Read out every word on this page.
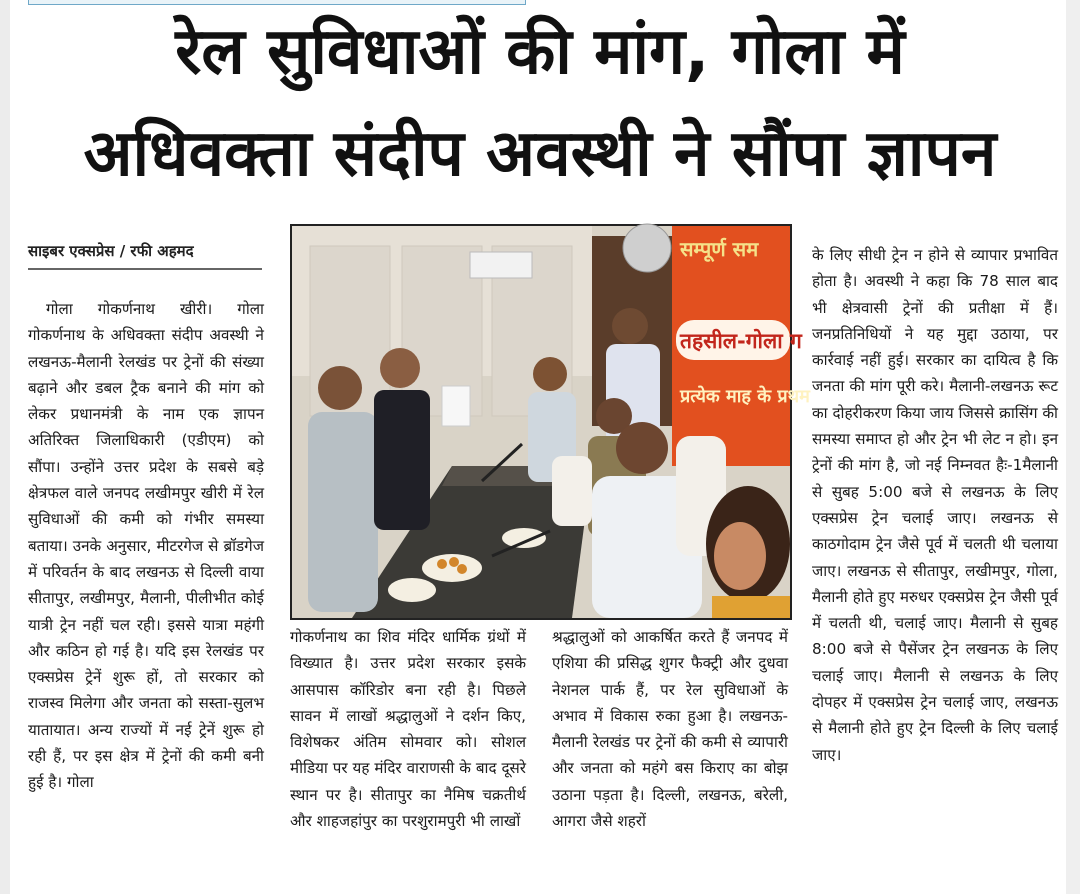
रेल सुविधाओं की मांग, गोला में
अधिवक्ता संदीप अवस्थी ने सौंपा ज्ञापन
साइबर एक्सप्रेस / रफी अहमद

गोला गोकर्णनाथ खीरी। गोला गोकर्णनाथ के अधिवक्ता संदीप अवस्थी ने लखनऊ-मैलानी रेलखंड पर ट्रेनों की संख्या बढ़ाने और डबल ट्रैक बनाने की मांग को लेकर प्रधानमंत्री के नाम एक ज्ञापन अतिरिक्त जिलाधिकारी (एडीएम) को सौंपा। उन्होंने उत्तर प्रदेश के सबसे बड़े क्षेत्रफल वाले जनपद लखीमपुर खीरी में रेल सुविधाओं की कमी को गंभीर समस्या बताया। उनके अनुसार, मीटरगेज से ब्रॉडगेज में परिवर्तन के बाद लखनऊ से दिल्ली वाया सीतापुर, लखीमपुर, मैलानी, पीलीभीत कोई यात्री ट्रेन नहीं चल रही। इससे यात्रा महंगी और कठिन हो गई है। यदि इस रेलखंड पर एक्सप्रेस ट्रेनें शुरू हों, तो सरकार को राजस्व मिलेगा और जनता को सस्ता-सुलभ यातायात। अन्य राज्यों में नई ट्रेनें शुरू हो रही हैं, पर इस क्षेत्र में ट्रेनों की कमी बनी हुई है। गोला

सम्पूर्ण सम
तहसील-गोला ग
प्रत्येक माह के प्रथम

गोकर्णनाथ का शिव मंदिर धार्मिक ग्रंथों में विख्यात है। उत्तर प्रदेश सरकार इसके आसपास कॉरिडोर बना रही है। पिछले सावन में लाखों श्रद्धालुओं ने दर्शन किए, विशेषकर अंतिम सोमवार को। सोशल मीडिया पर यह मंदिर वाराणसी के बाद दूसरे स्थान पर है। सीतापुर का नैमिष चक्रतीर्थ और शाहजहांपुर का परशुरामपुरी भी लाखों

श्रद्धालुओं को आकर्षित करते हैं जनपद में एशिया की प्रसिद्ध शुगर फैक्ट्री और दुधवा नेशनल पार्क हैं, पर रेल सुविधाओं के अभाव में विकास रुका हुआ है। लखनऊ-मैलानी रेलखंड पर ट्रेनों की कमी से व्यापारी और जनता को महंगे बस किराए का बोझ उठाना पड़ता है। दिल्ली, लखनऊ, बरेली, आगरा जैसे शहरों

के लिए सीधी ट्रेन न होने से व्यापार प्रभावित होता है। अवस्थी ने कहा कि 78 साल बाद भी क्षेत्रवासी ट्रेनों की प्रतीक्षा में हैं। जनप्रतिनिधियों ने यह मुद्दा उठाया, पर कार्रवाई नहीं हुई। सरकार का दायित्व है कि जनता की मांग पूरी करे। मैलानी-लखनऊ रूट का दोहरीकरण किया जाय जिससे क्रासिंग की समस्या समाप्त हो और ट्रेन भी लेट न हो। इन ट्रेनों की मांग है, जो नई निम्नवत हैः-1मैलानी से सुबह 5:00 बजे से लखनऊ के लिए एक्सप्रेस ट्रेन चलाई जाए। लखनऊ से काठगोदाम ट्रेन जैसे पूर्व में चलती थी चलाया जाए। लखनऊ से सीतापुर, लखीमपुर, गोला, मैलानी होते हुए मरुधर एक्सप्रेस ट्रेन जैसी पूर्व में चलती थी, चलाई जाए। मैलानी से सुबह 8:00 बजे से पैसेंजर ट्रेन लखनऊ के लिए चलाई जाए। मैलानी से लखनऊ के लिए दोपहर में एक्सप्रेस ट्रेन चलाई जाए, लखनऊ से मैलानी होते हुए ट्रेन दिल्ली के लिए चलाई जाए।
